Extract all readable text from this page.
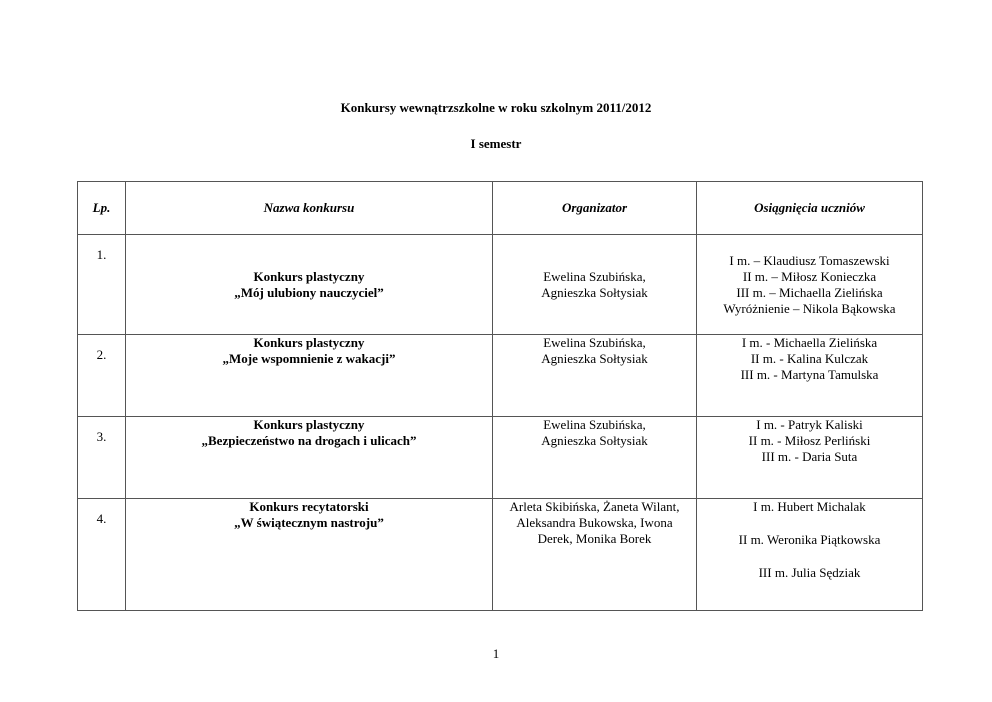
Konkursy wewnątrzszkolne w roku szkolnym 2011/2012
I semestr
Lp.	Nazwa konkursu	Organizator	Osiągnięcia uczniów
1.	Konkurs plastyczny
„Mój ulubiony nauczyciel”	Ewelina Szubińska,
Agnieszka Sołtysiak	I m. – Klaudiusz Tomaszewski
II m. – Miłosz Konieczka
III m. – Michaella Zielińska
Wyróżnienie – Nikola Bąkowska

2.	Konkurs plastyczny
„Moje wspomnienie z wakacji”	Ewelina Szubińska,
Agnieszka Sołtysiak	I m. - Michaella Zielińska
II m. - Kalina Kulczak
III m. - Martyna Tamulska

3.	Konkurs plastyczny
„Bezpieczeństwo na drogach i ulicach”	Ewelina Szubińska,
Agnieszka Sołtysiak	I m. - Patryk Kaliski
II m. - Miłosz Perliński
III m. - Daria Suta

4.	Konkurs recytatorski
„W świątecznym nastroju”	Arleta Skibińska, Żaneta Wilant,
Aleksandra Bukowska, Iwona
Derek, Monika Borek	I m. Hubert Michalak
II m. Weronika Piątkowska
III m. Julia Sędziak
1
